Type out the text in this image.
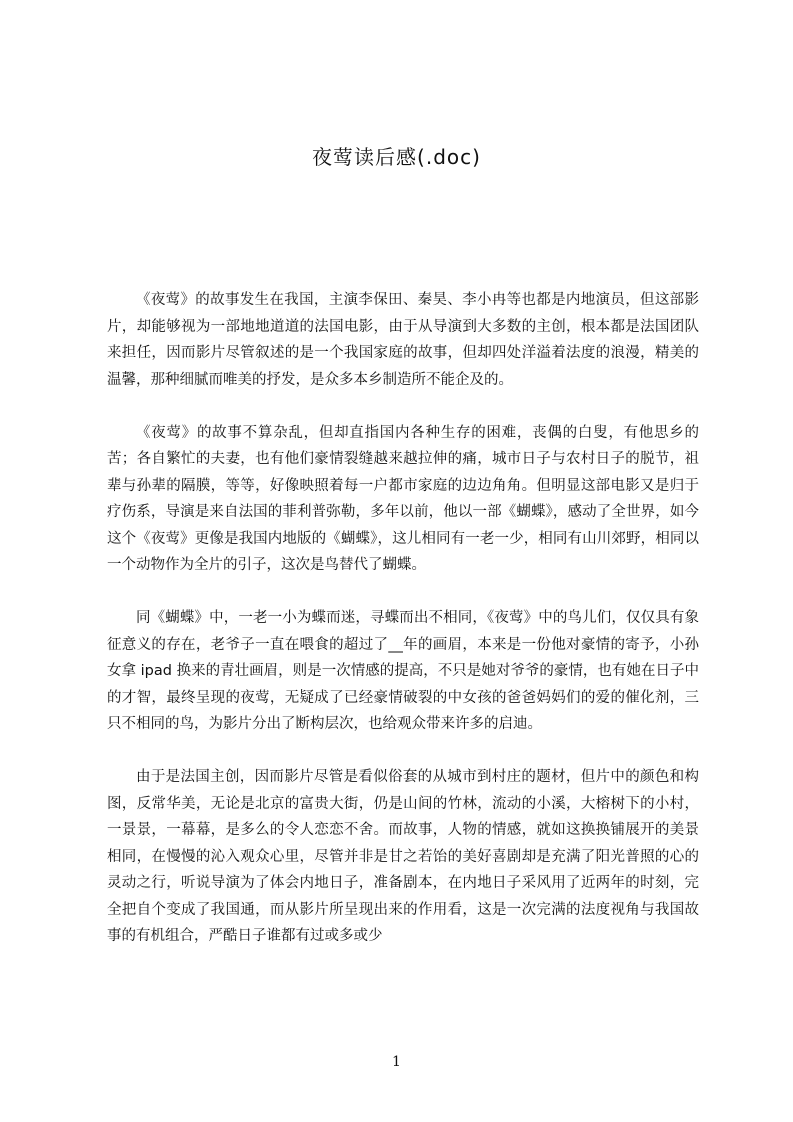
夜莺读后感(.doc)

《夜莺》的故事发生在我国，主演李保田、秦昊、李小冉等也都是内地演员，但这部影片，却能够视为一部地地道道的法国电影，由于从导演到大多数的主创，根本都是法国团队来担任，因而影片尽管叙述的是一个我国家庭的故事，但却四处洋溢着法度的浪漫，精美的温馨，那种细腻而唯美的抒发，是众多本乡制造所不能企及的。

《夜莺》的故事不算杂乱，但却直指国内各种生存的困难，丧偶的白叟，有他思乡的苦；各自繁忙的夫妻，也有他们豪情裂缝越来越拉伸的痛，城市日子与农村日子的脱节，祖辈与孙辈的隔膜，等等，好像映照着每一户都市家庭的边边角角。但明显这部电影又是归于疗伤系，导演是来自法国的菲利普弥勒，多年以前，他以一部《蝴蝶》，感动了全世界，如今这个《夜莺》更像是我国内地版的《蝴蝶》，这儿相同有一老一少，相同有山川郊野，相同以一个动物作为全片的引子，这次是鸟替代了蝴蝶。

同《蝴蝶》中，一老一小为蝶而迷，寻蝶而出不相同，《夜莺》中的鸟儿们，仅仅具有象征意义的存在，老爷子一直在喂食的超过了__年的画眉，本来是一份他对豪情的寄予，小孙女拿 ipad 换来的青壮画眉，则是一次情感的提高，不只是她对爷爷的豪情，也有她在日子中的才智，最终呈现的夜莺，无疑成了已经豪情破裂的中女孩的爸爸妈妈们的爱的催化剂，三只不相同的鸟，为影片分出了断构层次，也给观众带来许多的启迪。

由于是法国主创，因而影片尽管是看似俗套的从城市到村庄的题材，但片中的颜色和构图，反常华美，无论是北京的富贵大街，仍是山间的竹林，流动的小溪，大榕树下的小村，一景景，一幕幕，是多么的令人恋恋不舍。而故事，人物的情感，就如这换换铺展开的美景相同，在慢慢的沁入观众心里，尽管并非是甘之若饴的美好喜剧却是充满了阳光普照的心的灵动之行，听说导演为了体会内地日子，准备剧本，在内地日子采风用了近两年的时刻，完全把自个变成了我国通，而从影片所呈现出来的作用看，这是一次完满的法度视角与我国故事的有机组合，严酷日子谁都有过或多或少

1
